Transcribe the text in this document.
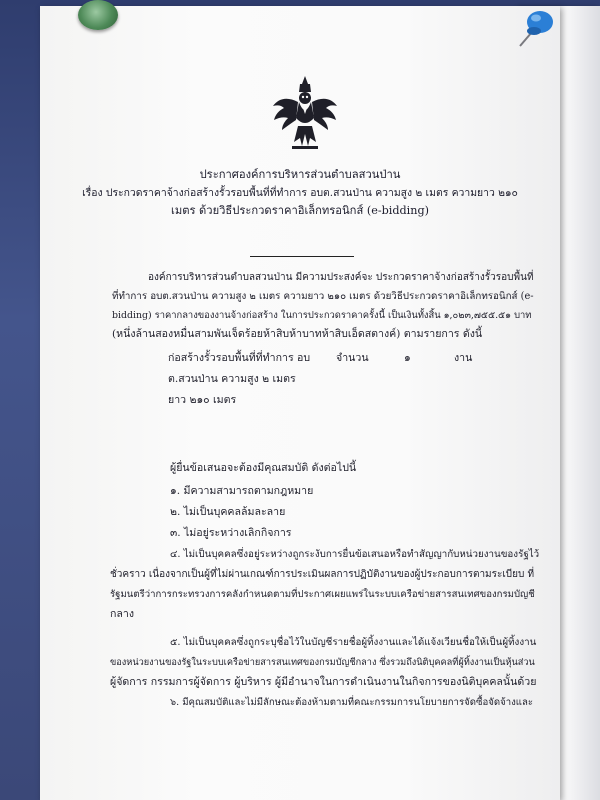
ประกาศองค์การบริหารส่วนตำบลสวนป่าน
เรื่อง ประกวดราคาจ้างก่อสร้างรั้วรอบพื้นที่ที่ทำการ อบต.สวนป่าน ความสูง ๒ เมตร ความยาว ๒๑๐
เมตร ด้วยวิธีประกวดราคาอิเล็กทรอนิกส์ (e-bidding)
องค์การบริหารส่วนตำบลสวนป่าน มีความประสงค์จะ ประกวดราคาจ้างก่อสร้างรั้วรอบพื้นที่
ที่ทำการ อบต.สวนป่าน ความสูง ๒ เมตร ความยาว ๒๑๐ เมตร ด้วยวิธีประกวดราคาอิเล็กทรอนิกส์ (e-
bidding) ราคากลางของงานจ้างก่อสร้าง ในการประกวดราคาครั้งนี้ เป็นเงินทั้งสิ้น ๑,๐๒๓,๗๕๕.๕๑ บาท
(หนึ่งล้านสองหมื่นสามพันเจ็ดร้อยห้าสิบห้าบาทห้าสิบเอ็ดสตางค์) ตามรายการ ดังนี้
ก่อสร้างรั้วรอบพื้นที่ที่ทำการ อบ
ต.สวนป่าน ความสูง ๒ เมตร
ยาว ๒๑๐ เมตร
จำนวน	๑	งาน
ผู้ยื่นข้อเสนอจะต้องมีคุณสมบัติ ดังต่อไปนี้
๑. มีความสามารถตามกฎหมาย
๒. ไม่เป็นบุคคลล้มละลาย
๓. ไม่อยู่ระหว่างเลิกกิจการ
๔. ไม่เป็นบุคคลซึ่งอยู่ระหว่างถูกระงับการยื่นข้อเสนอหรือทำสัญญากับหน่วยงานของรัฐไว้
ชั่วคราว เนื่องจากเป็นผู้ที่ไม่ผ่านเกณฑ์การประเมินผลการปฏิบัติงานของผู้ประกอบการตามระเบียบ ที่
รัฐมนตรีว่าการกระทรวงการคลังกำหนดตามที่ประกาศเผยแพร่ในระบบเครือข่ายสารสนเทศของกรมบัญชี
กลาง
๕. ไม่เป็นบุคคลซึ่งถูกระบุชื่อไว้ในบัญชีรายชื่อผู้ทิ้งงานและได้แจ้งเวียนชื่อให้เป็นผู้ทิ้งงาน
ของหน่วยงานของรัฐในระบบเครือข่ายสารสนเทศของกรมบัญชีกลาง ซึ่งรวมถึงนิติบุคคลที่ผู้ทิ้งงานเป็นหุ้นส่วน
ผู้จัดการ กรรมการผู้จัดการ ผู้บริหาร ผู้มีอำนาจในการดำเนินงานในกิจการของนิติบุคคลนั้นด้วย
๖. มีคุณสมบัติและไม่มีลักษณะต้องห้ามตามที่คณะกรรมการนโยบายการจัดซื้อจัดจ้างและ
